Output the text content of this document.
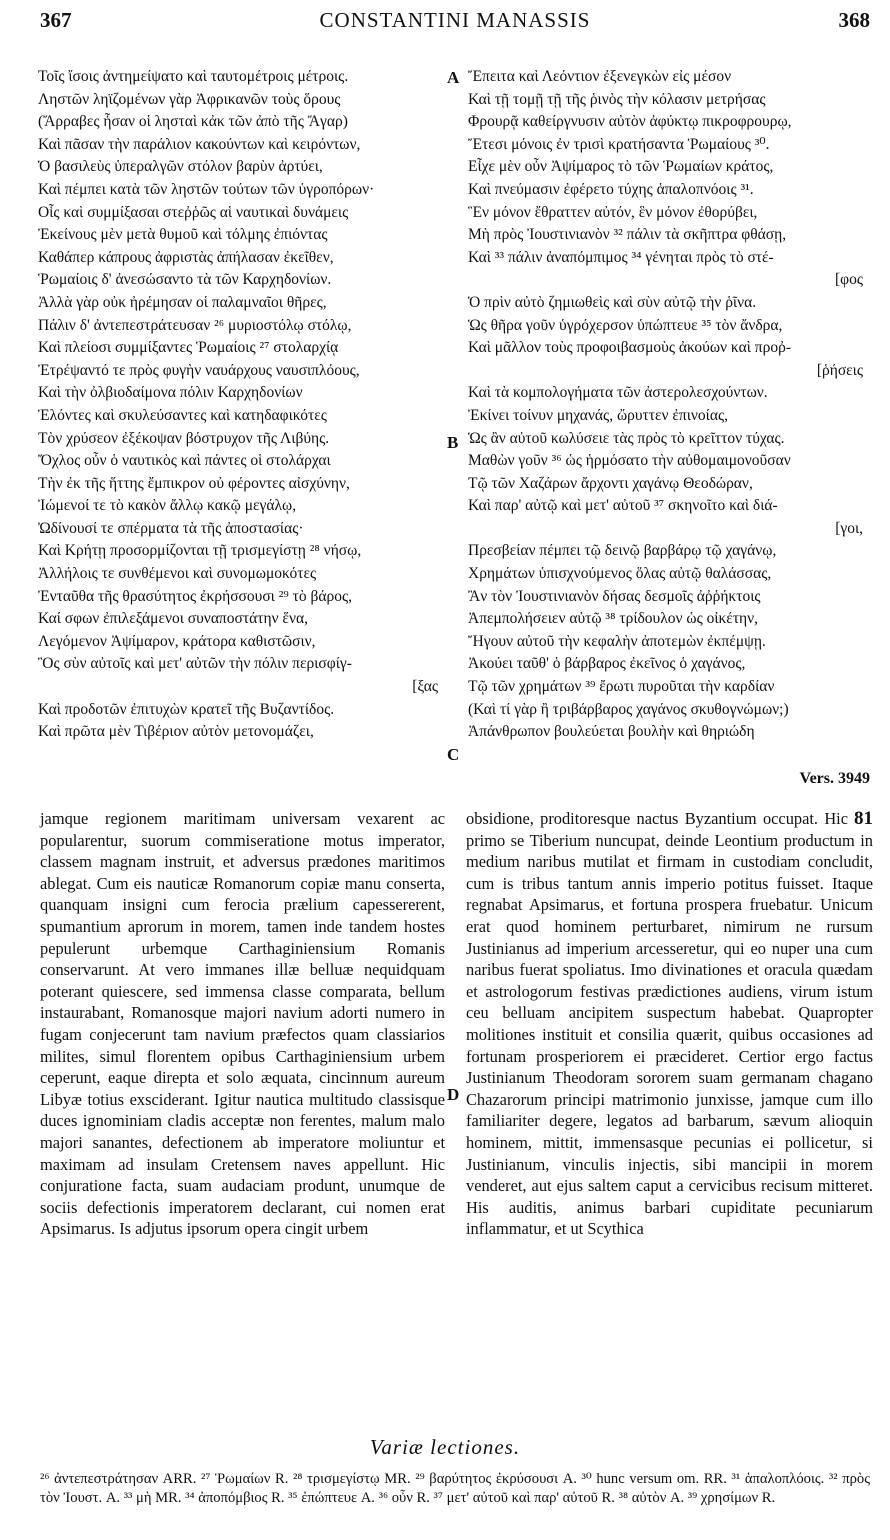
367	CONSTANTINI MANASSIS	368
Τοῖς ἴσοις ἀντημείψατο καὶ ταυτομέτροις μέτροις.
Ληστῶν ληϊζομένων γὰρ Ἀφρικανῶν τοὺς ὅρους
(Ἄρραβες ἦσαν οἱ λησταὶ κἀκ τῶν ἀπὸ τῆς Ἄγαρ)
Καὶ πᾶσαν τὴν παράλιον κακούντων καὶ κειρόντων,
Ὁ βασιλεὺς ὑπεραλγῶν στόλον βαρὺν ἀρτύει,
Καὶ πέμπει κατὰ τῶν ληστῶν τούτων τῶν ὑγροπόρων·
Οἷς καὶ συμμίξασαι στεῤῥῶς αἱ ναυτικαὶ δυνάμεις
Ἐκείνους μὲν μετὰ θυμοῦ καὶ τόλμης ἐπιόντας
Καθάπερ κάπρους ἀφριστὰς ἀπήλασαν ἐκεῖθεν,
Ῥωμαίοις δ' ἀνεσώσαντο τὰ τῶν Καρχηδονίων.
Ἀλλὰ γὰρ οὐκ ἠρέμησαν οἱ παλαμναῖοι θῆρες,
Πάλιν δ' ἀντεπεστράτευσαν ²⁶ μυριοστόλῳ στόλῳ,
Καὶ πλείοσι συμμίξαντες Ῥωμαίοις ²⁷ στολαρχίᾳ
Ἐτρέψαντό τε πρὸς φυγὴν ναυάρχους ναυσιπλόους,
Καὶ τὴν ὀλβιοδαίμονα πόλιν Καρχηδονίων
Ἑλόντες καὶ σκυλεύσαντες καὶ κατηδαφικότες
Τὸν χρύσεον ἐξέκοψαν βόστρυχον τῆς Λιβύης.
Ὄχλος οὖν ὁ ναυτικὸς καὶ πάντες οἱ στολάρχαι
Τὴν ἐκ τῆς ἥττης ἔμπικρον οὐ φέροντες αἰσχύνην,
Ἰώμενοί τε τὸ κακὸν ἄλλῳ κακῷ μεγάλῳ,
Ὠδίνουσί τε σπέρματα τὰ τῆς ἀποστασίας·
Καὶ Κρήτῃ προσορμίζονται τῇ τρισμεγίστῃ ²⁸ νήσῳ,
Ἀλλήλοις τε συνθέμενοι καὶ συνομωμοκότες
Ἐνταῦθα τῆς θρασύτητος ἐκρήσσουσι ²⁹ τὸ βάρος,
Καί σφων ἐπιλεξάμενοι συναποστάτην ἕνα,
Λεγόμενον Ἀψίμαρον, κράτορα καθιστῶσιν,
Ὃς σὺν αὐτοῖς καὶ μετ' αὐτῶν τὴν πόλιν περισφίγ-
[ξας
Καὶ προδοτῶν ἐπιτυχὼν κρατεῖ τῆς Βυζαντίδος.
Καὶ πρῶτα μὲν Τιβέριον αὐτὸν μετονομάζει,
Ἔπειτα καὶ Λεόντιον ἐξενεγκὼν εἰς μέσον
Καὶ τῇ τομῇ τῇ τῆς ῥινὸς τὴν κόλασιν μετρήσας
Φρουρᾷ καθείργνυσιν αὐτὸν ἀφύκτῳ πικροφρουρῳ,
Ἔτεσι μόνοις ἐν τρισὶ κρατήσαντα Ῥωμαίους ³⁰.
Εἶχε μὲν οὖν Ἀψίμαρος τὸ τῶν Ῥωμαίων κράτος,
Καὶ πνεύμασιν ἐφέρετο τύχης ἁπαλοπνόοις ³¹.
Ἓν μόνον ἔθραττεν αὐτόν, ἓν μόνον ἐθορύβει,
Μὴ πρὸς Ἰουστινιανὸν ³² πάλιν τὰ σκῆπτρα φθάσῃ,
Καὶ ³³ πάλιν ἀναπόμπιμος ³⁴ γένηται πρὸς τὸ στέ-
[φος
Ὁ πρὶν αὐτὸ ζημιωθεὶς καὶ σὺν αὐτῷ τὴν ῥῖνα.
Ὡς θῆρα γοῦν ὑγρόχερσον ὑπώπτευε ³⁵ τὸν ἄνδρα,
Καὶ μᾶλλον τοὺς προφοιβασμοὺς ἀκούων καὶ προῤ-
[ῥήσεις
Καὶ τὰ κομπολογήματα τῶν ἀστερολεσχούντων.
Ἐκίνει τοίνυν μηχανάς, ὤρυττεν ἐπινοίας,
Ὡς ἂν αὐτοῦ κωλύσειε τὰς πρὸς τὸ κρεῖττον τύχας.
Μαθὼν γοῦν ³⁶ ὡς ἡρμόσατο τὴν αὐθομαιμονοῦσαν
Τῷ τῶν Χαζάρων ἄρχοντι χαγάνῳ Θεοδώραν,
Καὶ παρ' αὐτῷ καὶ μετ' αὐτοῦ ³⁷ σκηνοῖτο καὶ διά-
[γοι,
Πρεσβείαν πέμπει τῷ δεινῷ βαρβάρῳ τῷ χαγάνῳ,
Χρημάτων ὑπισχνούμενος ὅλας αὐτῷ θαλάσσας,
Ἂν τὸν Ἰουστινιανὸν δήσας δεσμοῖς ἀῤῥήκτοις
Ἀπεμπολήσειεν αὐτῷ ³⁸ τρίδουλον ὡς οἰκέτην,
Ἤγουν αὐτοῦ τὴν κεφαλὴν ἀποτεμὼν ἐκπέμψῃ.
Ἀκούει ταῦθ' ὁ βάρβαρος ἐκεῖνος ὁ χαγάνος,
Τῷ τῶν χρημάτων ³⁹ ἔρωτι πυροῦται τὴν καρδίαν
(Καὶ τί γὰρ ἢ τριβάρβαρος χαγάνος σκυθογνώμων;)
Ἀπάνθρωπον βουλεύεται βουλὴν καὶ θηριώδη
A
B
C
D
Vers. 3949

jamque regionem maritimam universam vexarent ac popularentur, suorum commiseratione motus imperator, classem magnam instruit, et adversus prædones maritimos ablegat. Cum eis nauticæ Romanorum copiæ manu conserta, quanquam insigni cum ferocia prælium capessererent, spumantium aprorum in morem, tamen inde tandem hostes pepulerunt urbemque Carthaginiensium Romanis conservarunt. At vero immanes illæ belluæ nequidquam poterant quiescere, sed immensa classe comparata, bellum instaurabant, Romanosque majori navium adorti numero in fugam conjecerunt tam navium præfectos quam classiarios milites, simul florentem opibus Carthaginiensium urbem ceperunt, eaque direpta et solo æquata, cincinnum aureum Libyæ totius exsciderant. Igitur nautica multitudo classisque duces ignominiam cladis acceptæ non ferentes, malum malo majori sanantes, defectionem ab imperatore moliuntur et maximam ad insulam Cretensem naves appellunt. Hic conjuratione facta, suam audaciam produnt, unumque de sociis defectionis imperatorem declarant, cui nomen erat Apsimarus. Is adjutus ipsorum opera cingit urbem

81
obsidione, proditoresque nactus Byzantium occupat. Hic primo se Tiberium nuncupat, deinde Leontium productum in medium naribus mutilat et firmam in custodiam concludit, cum is tribus tantum annis imperio potitus fuisset. Itaque regnabat Apsimarus, et fortuna prospera fruebatur. Unicum erat quod hominem perturbaret, nimirum ne rursum Justinianus ad imperium arcesseretur, qui eo nuper una cum naribus fuerat spoliatus. Imo divinationes et oracula quædam et astrologorum festivas prædictiones audiens, virum istum ceu belluam ancipitem suspectum habebat. Quapropter molitiones instituit et consilia quærit, quibus occasiones ad fortunam prosperiorem ei præcideret. Certior ergo factus Justinianum Theodoram sororem suam germanam chagano Chazarorum principi matrimonio junxisse, jamque cum illo familiariter degere, legatos ad barbarum, sævum alioquin hominem, mittit, immensasque pecunias ei pollicetur, si Justinianum, vinculis injectis, sibi mancipii in morem venderet, aut ejus saltem caput a cervicibus recisum mitteret. His auditis, animus barbari cupiditate pecuniarum inflammatur, et ut Scythica

Variæ lectiones.
²⁶ ἀντεπεστράτησαν ARR. ²⁷ Ῥωμαίων R. ²⁸ τρισμεγίστῳ MR. ²⁹ βαρύτητος ἐκρύσουσι A. ³⁰ hunc versum om. RR. ³¹ ἁπαλοπλόοις. ³² πρὸς τὸν Ἰουστ. A. ³³ μὴ MR. ³⁴ ἀποπόμβιος R. ³⁵ ἐπώπτευε A. ³⁶ οὖν R. ³⁷ μετ' αὐτοῦ καὶ παρ' αὐτοῦ R. ³⁸ αὐτὸν A. ³⁹ χρησίμων R.
